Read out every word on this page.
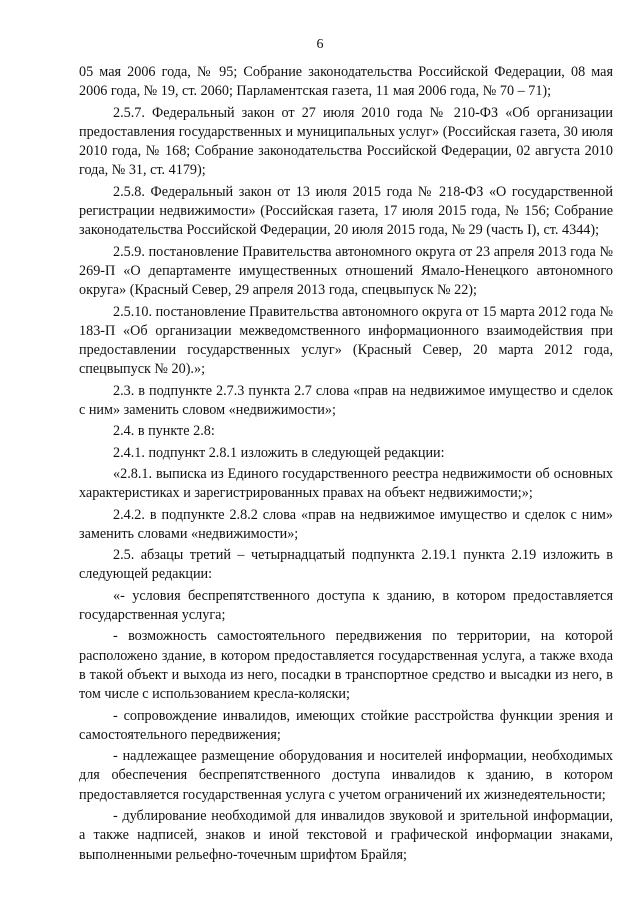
6

05 мая 2006 года, № 95; Собрание законодательства Российской Федерации, 08 мая 2006 года, № 19, ст. 2060; Парламентская газета, 11 мая 2006 года, № 70 – 71);

2.5.7. Федеральный закон от 27 июля 2010 года № 210-ФЗ «Об организации предоставления государственных и муниципальных услуг» (Российская газета, 30 июля 2010 года, № 168; Собрание законодательства Российской Федерации, 02 августа 2010 года, № 31, ст. 4179);

2.5.8. Федеральный закон от 13 июля 2015 года № 218-ФЗ «О государственной регистрации недвижимости» (Российская газета, 17 июля 2015 года, № 156; Собрание законодательства Российской Федерации, 20 июля 2015 года, № 29 (часть I), ст. 4344);

2.5.9. постановление Правительства автономного округа от 23 апреля 2013 года № 269-П «О департаменте имущественных отношений Ямало-Ненецкого автономного округа» (Красный Север, 29 апреля 2013 года, спецвыпуск № 22);

2.5.10. постановление Правительства автономного округа от 15 марта 2012 года № 183-П «Об организации межведомственного информационного взаимодействия при предоставлении государственных услуг» (Красный Север, 20 марта 2012 года, спецвыпуск № 20).»;

2.3. в подпункте 2.7.3 пункта 2.7 слова «прав на недвижимое имущество и сделок с ним» заменить словом «недвижимости»;

2.4. в пункте 2.8:

2.4.1. подпункт 2.8.1 изложить в следующей редакции:

«2.8.1. выписка из Единого государственного реестра недвижимости об основных характеристиках и зарегистрированных правах на объект недвижимости;»;

2.4.2. в подпункте 2.8.2 слова «прав на недвижимое имущество и сделок с ним» заменить словами «недвижимости»;

2.5. абзацы третий – четырнадцатый подпункта 2.19.1 пункта 2.19 изложить в следующей редакции:

«- условия беспрепятственного доступа к зданию, в котором предоставляется государственная услуга;

- возможность самостоятельного передвижения по территории, на которой расположено здание, в котором предоставляется государственная услуга, а также входа в такой объект и выхода из него, посадки в транспортное средство и высадки из него, в том числе с использованием кресла-коляски;

- сопровождение инвалидов, имеющих стойкие расстройства функции зрения и самостоятельного передвижения;

- надлежащее размещение оборудования и носителей информации, необходимых для обеспечения беспрепятственного доступа инвалидов к зданию, в котором предоставляется государственная услуга с учетом ограничений их жизнедеятельности;

- дублирование необходимой для инвалидов звуковой и зрительной информации, а также надписей, знаков и иной текстовой и графической информации знаками, выполненными рельефно-точечным шрифтом Брайля;
